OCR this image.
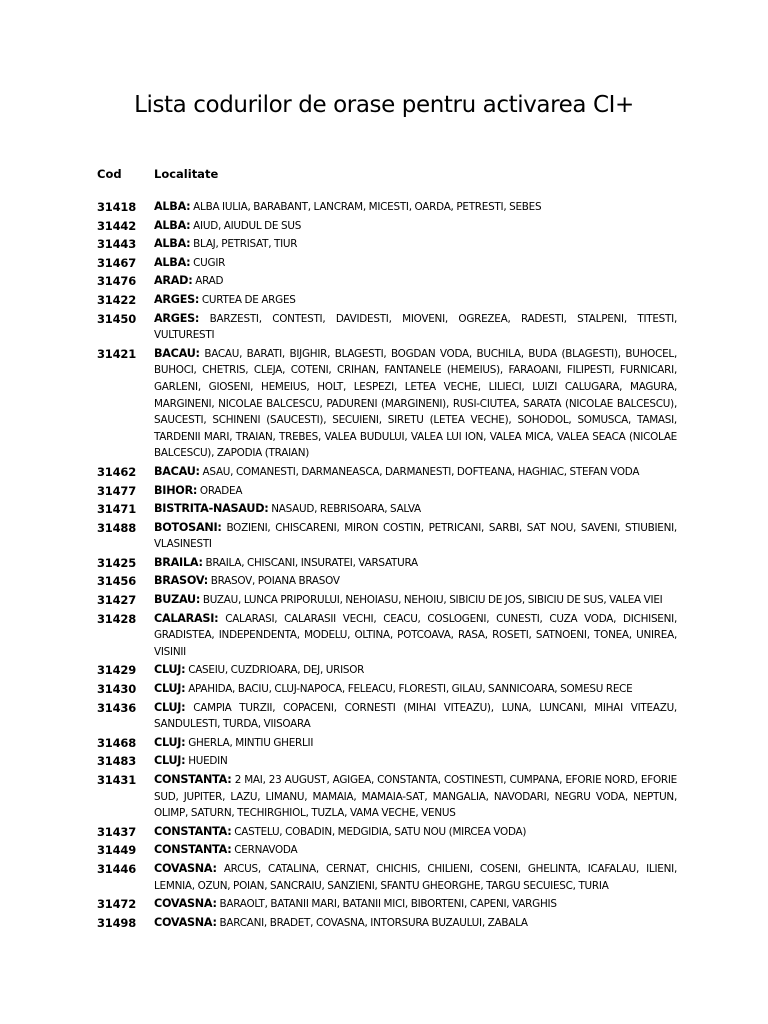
Lista codurilor de orase pentru activarea CI+
Cod	Localitate
31418	ALBA: ALBA IULIA, BARABANT, LANCRAM, MICESTI, OARDA, PETRESTI, SEBES
31442	ALBA: AIUD, AIUDUL DE SUS
31443	ALBA: BLAJ, PETRISAT, TIUR
31467	ALBA: CUGIR
31476	ARAD: ARAD
31422	ARGES: CURTEA DE ARGES
31450	ARGES: BARZESTI, CONTESTI, DAVIDESTI, MIOVENI, OGREZEA, RADESTI, STALPENI, TITESTI, VULTURESTI
31421	BACAU: BACAU, BARATI, BIJGHIR, BLAGESTI, BOGDAN VODA, BUCHILA, BUDA (BLAGESTI), BUHOCEL, BUHOCI, CHETRIS, CLEJA, COTENI, CRIHAN, FANTANELE (HEMEIUS), FARAOANI, FILIPESTI, FURNICARI, GARLENI, GIOSENI, HEMEIUS, HOLT, LESPEZI, LETEA VECHE, LILIECI, LUIZI CALUGARA, MAGURA, MARGINENI, NICOLAE BALCESCU, PADURENI (MARGINENI), RUSI-CIUTEA, SARATA (NICOLAE BALCESCU), SAUCESTI, SCHINENI (SAUCESTI), SECUIENI, SIRETU (LETEA VECHE), SOHODOL, SOMUSCA, TAMASI, TARDENII MARI, TRAIAN, TREBES, VALEA BUDULUI, VALEA LUI ION, VALEA MICA, VALEA SEACA (NICOLAE BALCESCU), ZAPODIA (TRAIAN)
31462	BACAU: ASAU, COMANESTI, DARMANEASCA, DARMANESTI, DOFTEANA, HAGHIAC, STEFAN VODA
31477	BIHOR: ORADEA
31471	BISTRITA-NASAUD: NASAUD, REBRISOARA, SALVA
31488	BOTOSANI: BOZIENI, CHISCARENI, MIRON COSTIN, PETRICANI, SARBI, SAT NOU, SAVENI, STIUBIENI, VLASINESTI
31425	BRAILA: BRAILA, CHISCANI, INSURATEI, VARSATURA
31456	BRASOV: BRASOV, POIANA BRASOV
31427	BUZAU: BUZAU, LUNCA PRIPORULUI, NEHOIASU, NEHOIU, SIBICIU DE JOS, SIBICIU DE SUS, VALEA VIEI
31428	CALARASI: CALARASI, CALARASII VECHI, CEACU, COSLOGENI, CUNESTI, CUZA VODA, DICHISENI, GRADISTEA, INDEPENDENTA, MODELU, OLTINA, POTCOAVA, RASA, ROSETI, SATNOENI, TONEA, UNIREA, VISINII
31429	CLUJ: CASEIU, CUZDRIOARA, DEJ, URISOR
31430	CLUJ: APAHIDA, BACIU, CLUJ-NAPOCA, FELEACU, FLORESTI, GILAU, SANNICOARA, SOMESU RECE
31436	CLUJ: CAMPIA TURZII, COPACENI, CORNESTI (MIHAI VITEAZU), LUNA, LUNCANI, MIHAI VITEAZU, SANDULESTI, TURDA, VIISOARA
31468	CLUJ: GHERLA, MINTIU GHERLII
31483	CLUJ: HUEDIN
31431	CONSTANTA: 2 MAI, 23 AUGUST, AGIGEA, CONSTANTA, COSTINESTI, CUMPANA, EFORIE NORD, EFORIE SUD, JUPITER, LAZU, LIMANU, MAMAIA, MAMAIA-SAT, MANGALIA, NAVODARI, NEGRU VODA, NEPTUN, OLIMP, SATURN, TECHIRGHIOL, TUZLA, VAMA VECHE, VENUS
31437	CONSTANTA: CASTELU, COBADIN, MEDGIDIA, SATU NOU (MIRCEA VODA)
31449	CONSTANTA: CERNAVODA
31446	COVASNA: ARCUS, CATALINA, CERNAT, CHICHIS, CHILIENI, COSENI, GHELINTA, ICAFALAU, ILIENI, LEMNIA, OZUN, POIAN, SANCRAIU, SANZIENI, SFANTU GHEORGHE, TARGU SECUIESC, TURIA
31472	COVASNA: BARAOLT, BATANII MARI, BATANII MICI, BIBORTENI, CAPENI, VARGHIS
31498	COVASNA: BARCANI, BRADET, COVASNA, INTORSURA BUZAULUI, ZABALA
